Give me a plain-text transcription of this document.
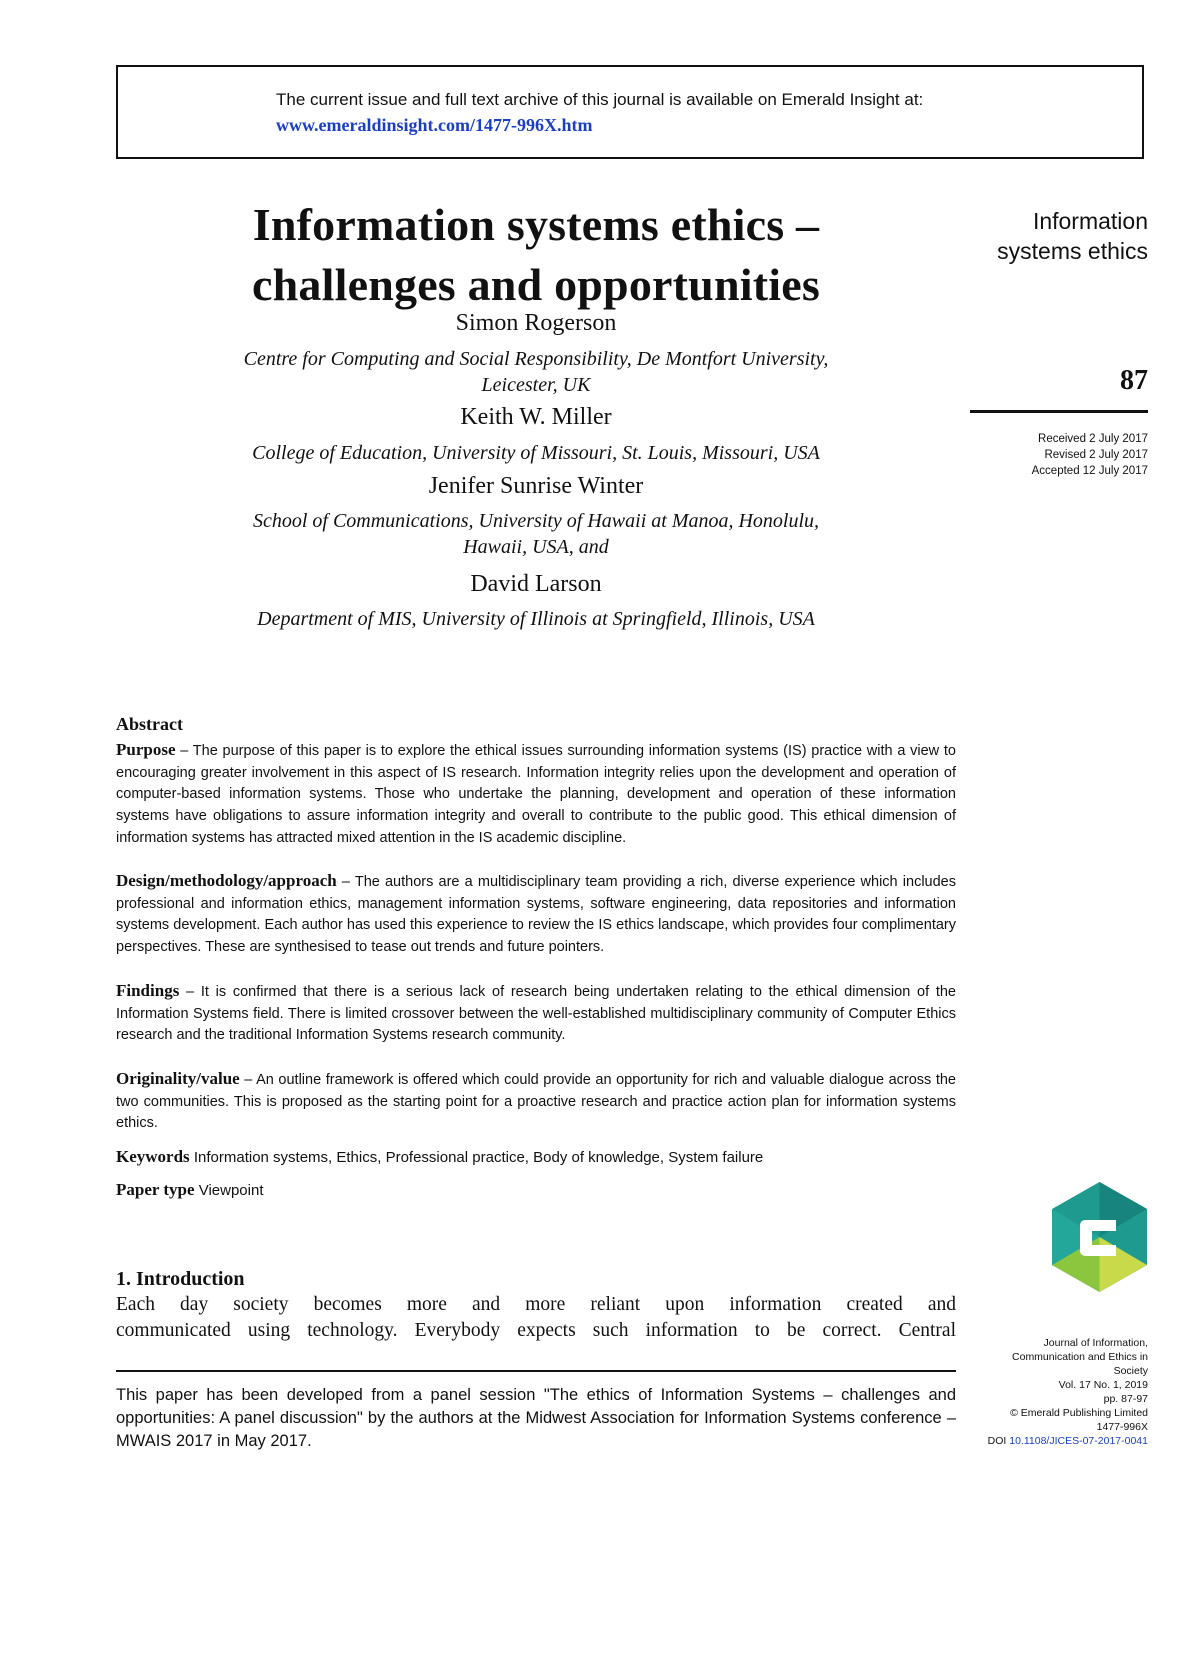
The current issue and full text archive of this journal is available on Emerald Insight at:
www.emeraldinsight.com/1477-996X.htm
Information systems ethics –
challenges and opportunities
Information
systems ethics
87
Received 2 July 2017
Revised 2 July 2017
Accepted 12 July 2017
Simon Rogerson
Centre for Computing and Social Responsibility, De Montfort University,
Leicester, UK
Keith W. Miller
College of Education, University of Missouri, St. Louis, Missouri, USA
Jenifer Sunrise Winter
School of Communications, University of Hawaii at Manoa, Honolulu,
Hawaii, USA, and
David Larson
Department of MIS, University of Illinois at Springfield, Illinois, USA
Abstract
Purpose – The purpose of this paper is to explore the ethical issues surrounding information systems (IS) practice with a view to encouraging greater involvement in this aspect of IS research. Information integrity relies upon the development and operation of computer-based information systems. Those who undertake the planning, development and operation of these information systems have obligations to assure information integrity and overall to contribute to the public good. This ethical dimension of information systems has attracted mixed attention in the IS academic discipline.
Design/methodology/approach – The authors are a multidisciplinary team providing a rich, diverse experience which includes professional and information ethics, management information systems, software engineering, data repositories and information systems development. Each author has used this experience to review the IS ethics landscape, which provides four complimentary perspectives. These are synthesised to tease out trends and future pointers.
Findings – It is confirmed that there is a serious lack of research being undertaken relating to the ethical dimension of the Information Systems field. There is limited crossover between the well-established multidisciplinary community of Computer Ethics research and the traditional Information Systems research community.
Originality/value – An outline framework is offered which could provide an opportunity for rich and valuable dialogue across the two communities. This is proposed as the starting point for a proactive research and practice action plan for information systems ethics.
Keywords Information systems, Ethics, Professional practice, Body of knowledge, System failure
Paper type Viewpoint
1. Introduction
Each day society becomes more and more reliant upon information created and
communicated using technology. Everybody expects such information to be correct. Central
This paper has been developed from a panel session "The ethics of Information Systems – challenges and opportunities: A panel discussion" by the authors at the Midwest Association for Information Systems conference – MWAIS 2017 in May 2017.
Journal of Information,
Communication and Ethics in
Society
Vol. 17 No. 1, 2019
pp. 87-97
© Emerald Publishing Limited
1477-996X
DOI 10.1108/JICES-07-2017-0041
